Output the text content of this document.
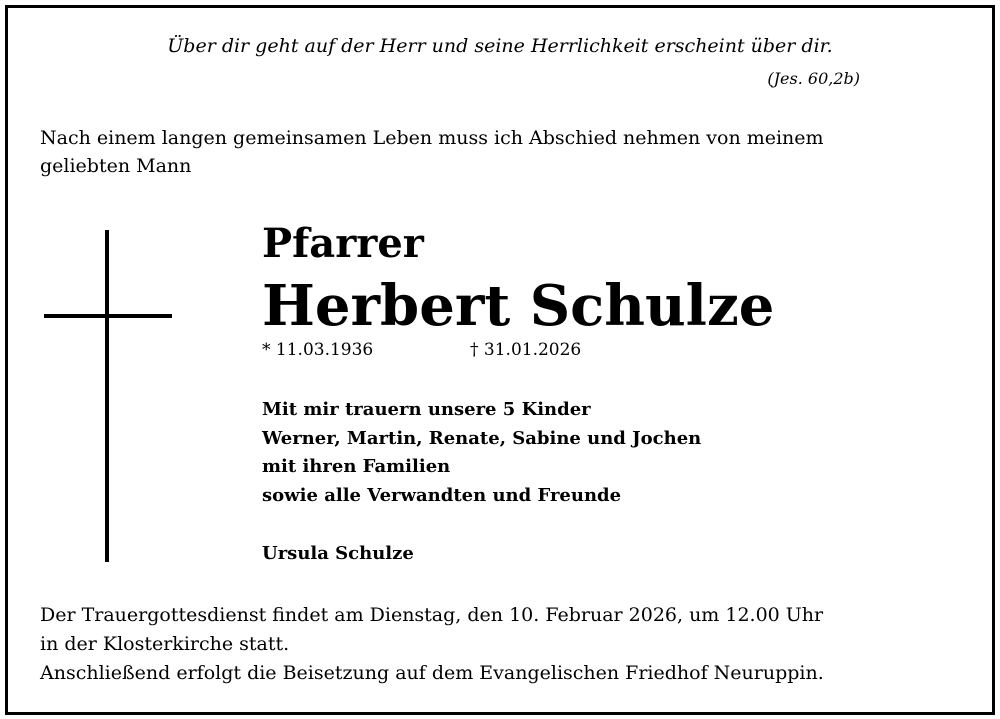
Über dir geht auf der Herr und seine Herrlichkeit erscheint über dir.
(Jes. 60,2b)
Nach einem langen gemeinsamen Leben muss ich Abschied nehmen von meinem
geliebten Mann
Pfarrer
Herbert Schulze
* 11.03.1936	† 31.01.2026
Mit mir trauern unsere 5 Kinder
Werner, Martin, Renate, Sabine und Jochen
mit ihren Familien
sowie alle Verwandten und Freunde
Ursula Schulze
Der Trauergottesdienst findet am Dienstag, den 10. Februar 2026, um 12.00 Uhr
in der Klosterkirche statt.
Anschließend erfolgt die Beisetzung auf dem Evangelischen Friedhof Neuruppin.
